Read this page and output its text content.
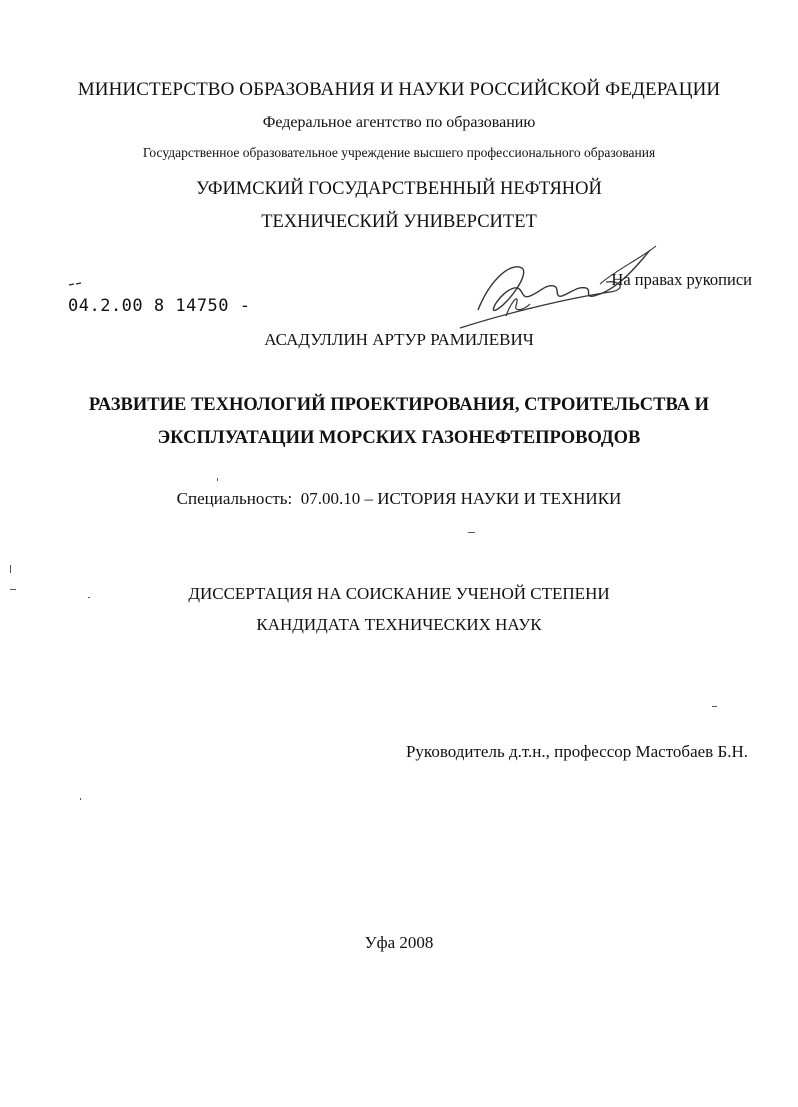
МИНИСТЕРСТВО ОБРАЗОВАНИЯ И НАУКИ РОССИЙСКОЙ ФЕДЕРАЦИИ
Федеральное агентство по образованию
Государственное образовательное учреждение высшего профессионального образования
УФИМСКИЙ ГОСУДАРСТВЕННЫЙ НЕФТЯНОЙ
ТЕХНИЧЕСКИЙ УНИВЕРСИТЕТ
04.2.00 8 14750 -
На правах рукописи
АСАДУЛЛИН АРТУР РАМИЛЕВИЧ
РАЗВИТИЕ ТЕХНОЛОГИЙ ПРОЕКТИРОВАНИЯ, СТРОИТЕЛЬСТВА И
ЭКСПЛУАТАЦИИ МОРСКИХ ГАЗОНЕФТЕПРОВОДОВ
Специальность: 07.00.10 – ИСТОРИЯ НАУКИ И ТЕХНИКИ
ДИССЕРТАЦИЯ НА СОИСКАНИЕ УЧЕНОЙ СТЕПЕНИ
КАНДИДАТА ТЕХНИЧЕСКИХ НАУК
Руководитель д.т.н., профессор Мастобаев Б.Н.
Уфа 2008
